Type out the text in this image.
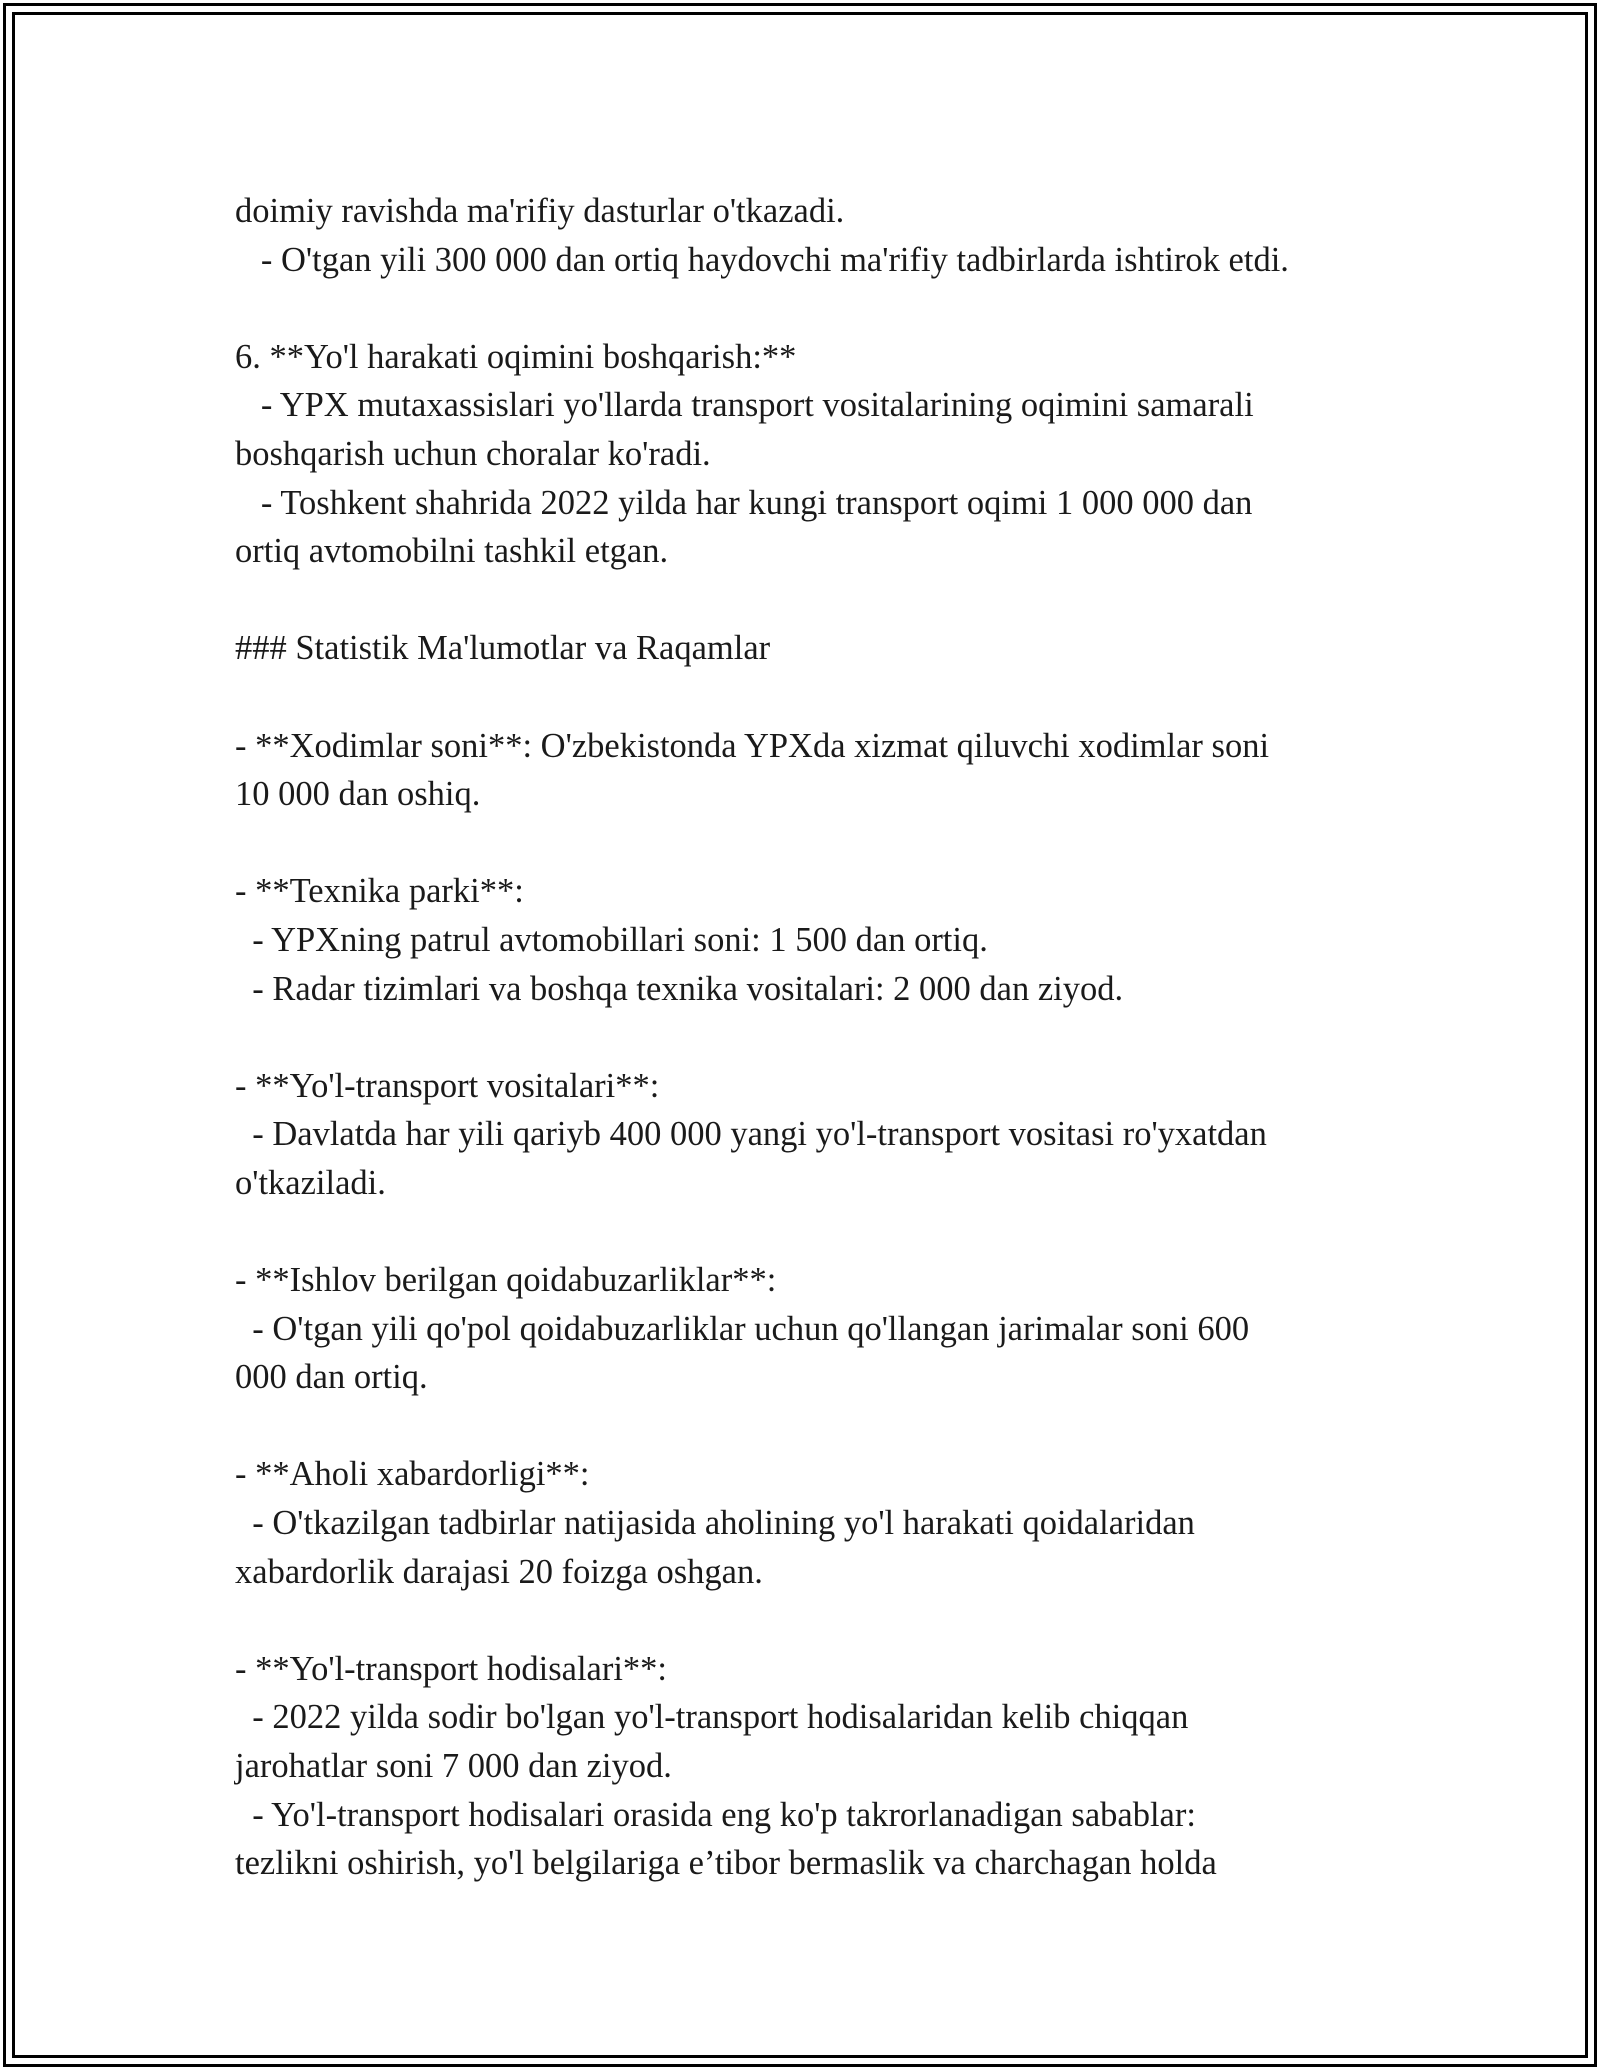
doimiy ravishda ma'rifiy dasturlar o'tkazadi.
- O'tgan yili 300 000 dan ortiq haydovchi ma'rifiy tadbirlarda ishtirok etdi.
6. **Yo'l harakati oqimini boshqarish:**
- YPX mutaxassislari yo'llarda transport vositalarining oqimini samarali
boshqarish uchun choralar ko'radi.
- Toshkent shahrida 2022 yilda har kungi transport oqimi 1 000 000 dan
ortiq avtomobilni tashkil etgan.
### Statistik Ma'lumotlar va Raqamlar
- **Xodimlar soni**: O'zbekistonda YPXda xizmat qiluvchi xodimlar soni
10 000 dan oshiq.
- **Texnika parki**:
- YPXning patrul avtomobillari soni: 1 500 dan ortiq.
- Radar tizimlari va boshqa texnika vositalari: 2 000 dan ziyod.
- **Yo'l-transport vositalari**:
- Davlatda har yili qariyb 400 000 yangi yo'l-transport vositasi ro'yxatdan
o'tkaziladi.
- **Ishlov berilgan qoidabuzarliklar**:
- O'tgan yili qo'pol qoidabuzarliklar uchun qo'llangan jarimalar soni 600
000 dan ortiq.
- **Aholi xabardorligi**:
- O'tkazilgan tadbirlar natijasida aholining yo'l harakati qoidalaridan
xabardorlik darajasi 20 foizga oshgan.
- **Yo'l-transport hodisalari**:
- 2022 yilda sodir bo'lgan yo'l-transport hodisalaridan kelib chiqqan
jarohatlar soni 7 000 dan ziyod.
- Yo'l-transport hodisalari orasida eng ko'p takrorlanadigan sabablar:
tezlikni oshirish, yo'l belgilariga e’tibor bermaslik va charchagan holda
